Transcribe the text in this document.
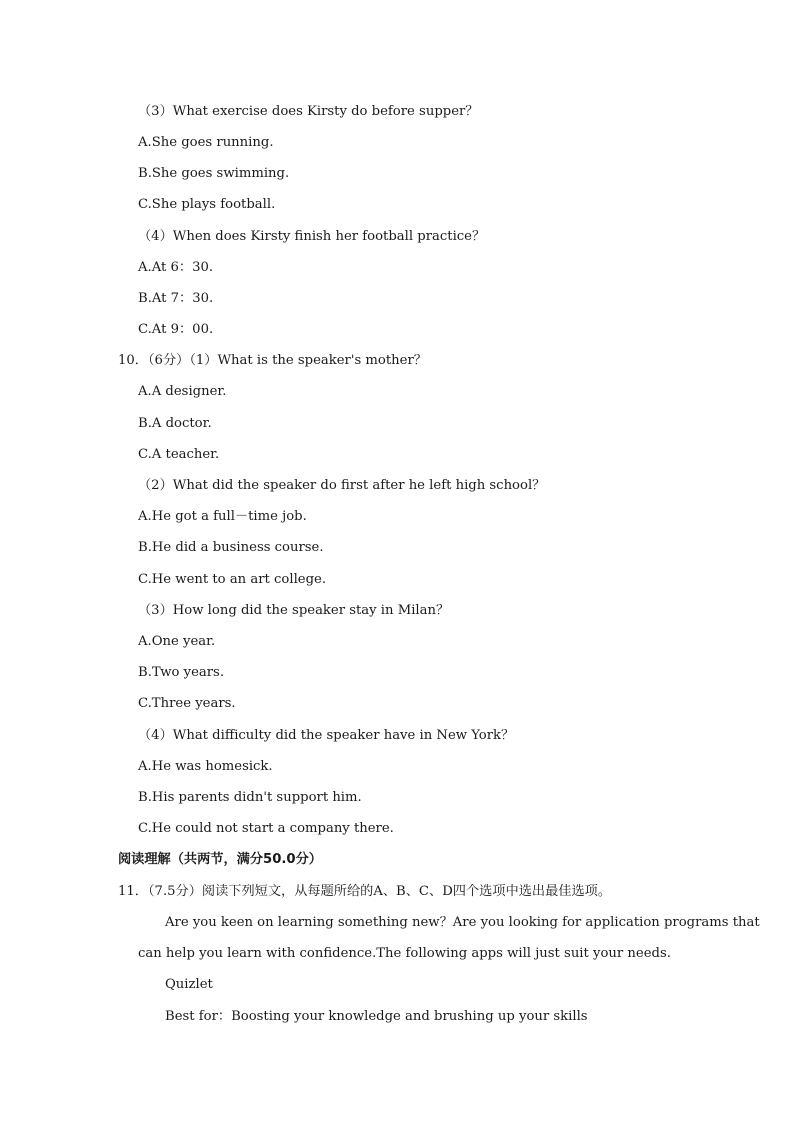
（3）What exercise does Kirsty do before supper？
A.She goes running.
B.She goes swimming.
C.She plays football.
（4）When does Kirsty finish her football practice？
A.At 6：30.
B.At 7：30.
C.At 9：00.
10．（6分）（1）What is the speaker's mother？
A.A designer.
B.A doctor.
C.A teacher.
（2）What did the speaker do first after he left high school？
A.He got a full－time job.
B.He did a business course.
C.He went to an art college.
（3）How long did the speaker stay in Milan？
A.One year.
B.Two years.
C.Three years.
（4）What difficulty did the speaker have in New York？
A.He was homesick.
B.His parents didn't support him.
C.He could not start a company there.
阅读理解（共两节，满分50.0分）
11．（7.5分）阅读下列短文，从每题所给的A、B、C、D四个选项中选出最佳选项。
Are you keen on learning something new？Are you looking for application programs that
can help you learn with confidence.The following apps will just suit your needs.
Quizlet
Best for：Boosting your knowledge and brushing up your skills
